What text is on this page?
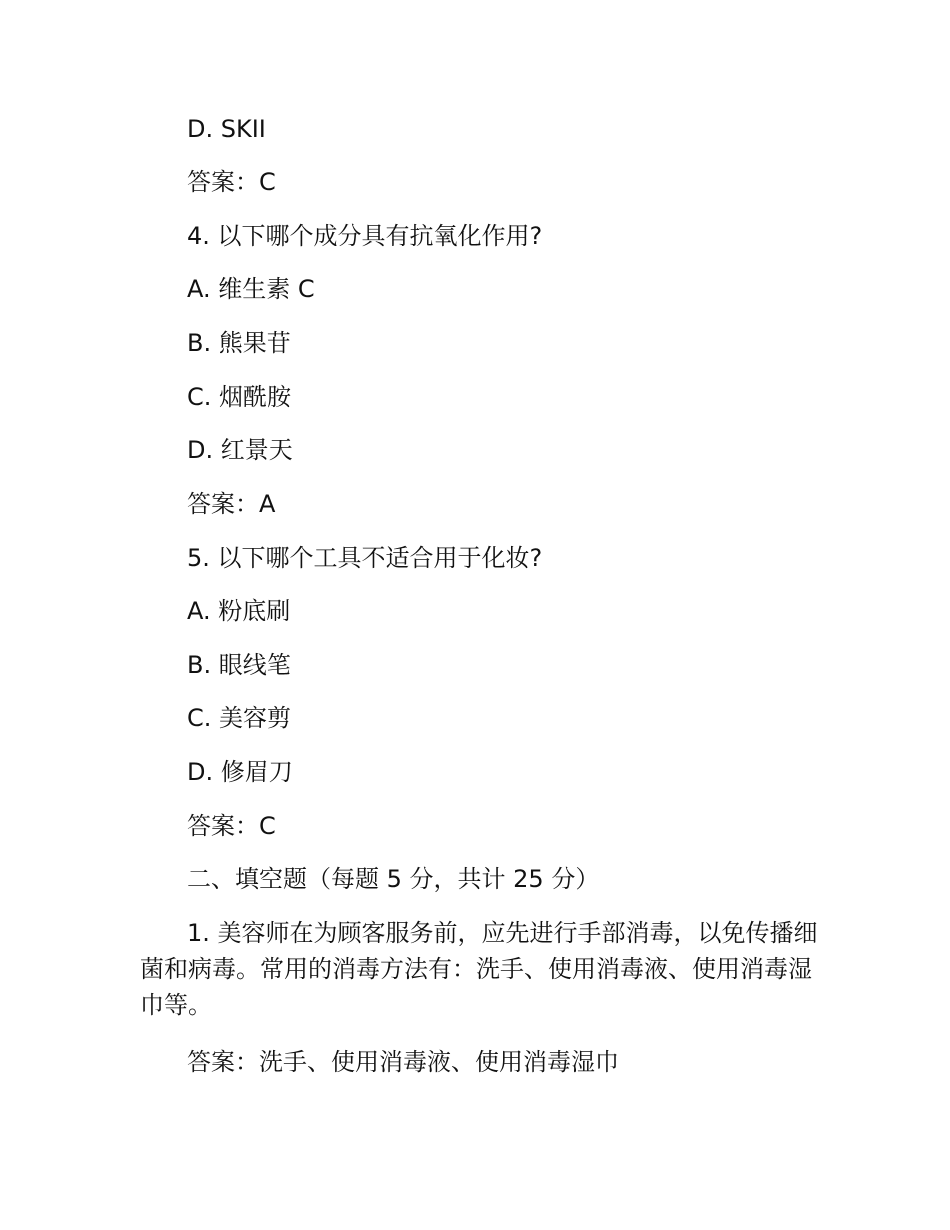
D. SKII
答案：C
4. 以下哪个成分具有抗氧化作用?
A. 维生素 C
B. 熊果苷
C. 烟酰胺
D. 红景天
答案：A
5. 以下哪个工具不适合用于化妆?
A. 粉底刷
B. 眼线笔
C. 美容剪
D. 修眉刀
答案：C
二、填空题（每题 5 分，共计 25 分）
1. 美容师在为顾客服务前，应先进行手部消毒，以免传播细菌和病毒。常用的消毒方法有：洗手、使用消毒液、使用消毒湿巾等。
答案：洗手、使用消毒液、使用消毒湿巾
